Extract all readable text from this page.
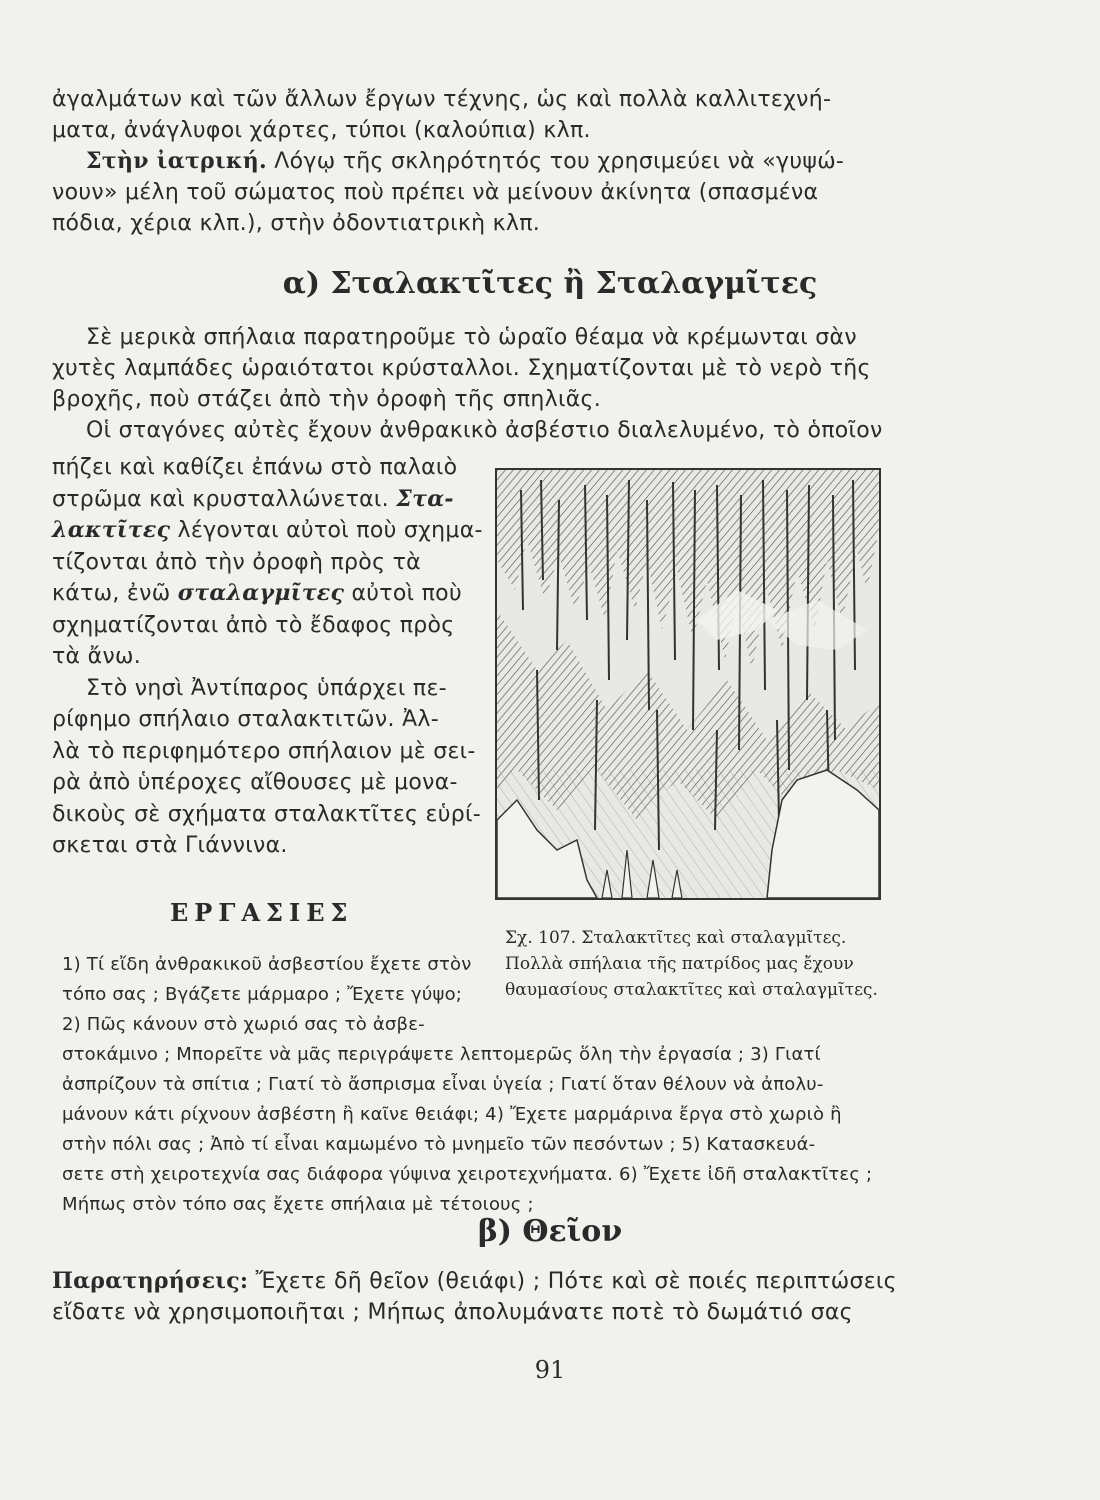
ἀγαλμάτων καὶ τῶν ἄλλων ἔργων τέχνης, ὡς καὶ πολλὰ καλλιτεχνή-
ματα, ἀνάγλυφοι χάρτες, τύποι (καλούπια) κλπ.
Στὴν ἰατρική. Λόγῳ τῆς σκληρότητός του χρησιμεύει νὰ «γυψώ-
νουν» μέλη τοῦ σώματος ποὺ πρέπει νὰ μείνουν ἀκίνητα (σπασμένα
πόδια, χέρια κλπ.), στὴν ὀδοντιατρικὴ κλπ.
α) Σταλακτῖτες ἢ Σταλαγμῖτες
Σὲ μερικὰ σπήλαια παρατηροῦμε τὸ ὡραῖο θέαμα νὰ κρέμωνται σὰν
χυτὲς λαμπάδες ὡραιότατοι κρύσταλλοι. Σχηματίζονται μὲ τὸ νερὸ τῆς
βροχῆς, ποὺ στάζει ἀπὸ τὴν ὀροφὴ τῆς σπηλιᾶς.
Οἱ σταγόνες αὐτὲς ἔχουν ἀνθρακικὸ ἀσβέστιο διαλελυμένο, τὸ ὁποῖον
πήζει καὶ καθίζει ἐπάνω στὸ παλαιὸ
στρῶμα καὶ κρυσταλλώνεται. Στα-
λακτῖτες λέγονται αὐτοὶ ποὺ σχημα-
τίζονται ἀπὸ τὴν ὀροφὴ πρὸς τὰ
κάτω, ἐνῶ σταλαγμῖτες αὐτοὶ ποὺ
σχηματίζονται ἀπὸ τὸ ἔδαφος πρὸς
τὰ ἄνω.
Στὸ νησὶ Ἀντίπαρος ὑπάρχει πε-
ρίφημο σπήλαιο σταλακτιτῶν. Ἀλ-
λὰ τὸ περιφημότερο σπήλαιον μὲ σει-
ρὰ ἀπὸ ὑπέροχες αἴθουσες μὲ μονα-
δικοὺς σὲ σχήματα σταλακτῖτες εὑρί-
σκεται στὰ Γιάννινα.
Σχ. 107. Σταλακτῖτες καὶ σταλαγμῖτες.
Πολλὰ σπήλαια τῆς πατρίδος μας ἔχουν
θαυμασίους σταλακτῖτες καὶ σταλαγμῖτες.
ΕΡΓΑΣΙΕΣ
1) Τί εἴδη ἀνθρακικοῦ ἀσβεστίου ἔχετε στὸν
τόπο σας ; Βγάζετε μάρμαρο ; Ἔχετε γύψο;
2) Πῶς κάνουν στὸ χωριό σας τὸ ἀσβε-
στοκάμινο ; Μπορεῖτε νὰ μᾶς περιγράψετε λεπτομερῶς ὅλη τὴν ἐργασία ; 3) Γιατί
ἀσπρίζουν τὰ σπίτια ; Γιατί τὸ ἄσπρισμα εἶναι ὑγεία ; Γιατί ὅταν θέλουν νὰ ἀπολυ-
μάνουν κάτι ρίχνουν ἀσβέστη ἢ καῖνε θειάφι; 4) Ἔχετε μαρμάρινα ἔργα στὸ χωριὸ ἢ
στὴν πόλι σας ; Ἀπὸ τί εἶναι καμωμένο τὸ μνημεῖο τῶν πεσόντων ; 5) Κατασκευά-
σετε στὴ χειροτεχνία σας διάφορα γύψινα χειροτεχνήματα. 6) Ἔχετε ἰδῆ σταλακτῖτες ;
Μήπως στὸν τόπο σας ἔχετε σπήλαια μὲ τέτοιους ;
β) Θεῖον
Παρατηρήσεις: Ἔχετε δῆ θεῖον (θειάφι) ; Πότε καὶ σὲ ποιές περιπτώσεις
εἴδατε νὰ χρησιμοποιῆται ; Μήπως ἀπολυμάνατε ποτὲ τὸ δωμάτιό σας
91
